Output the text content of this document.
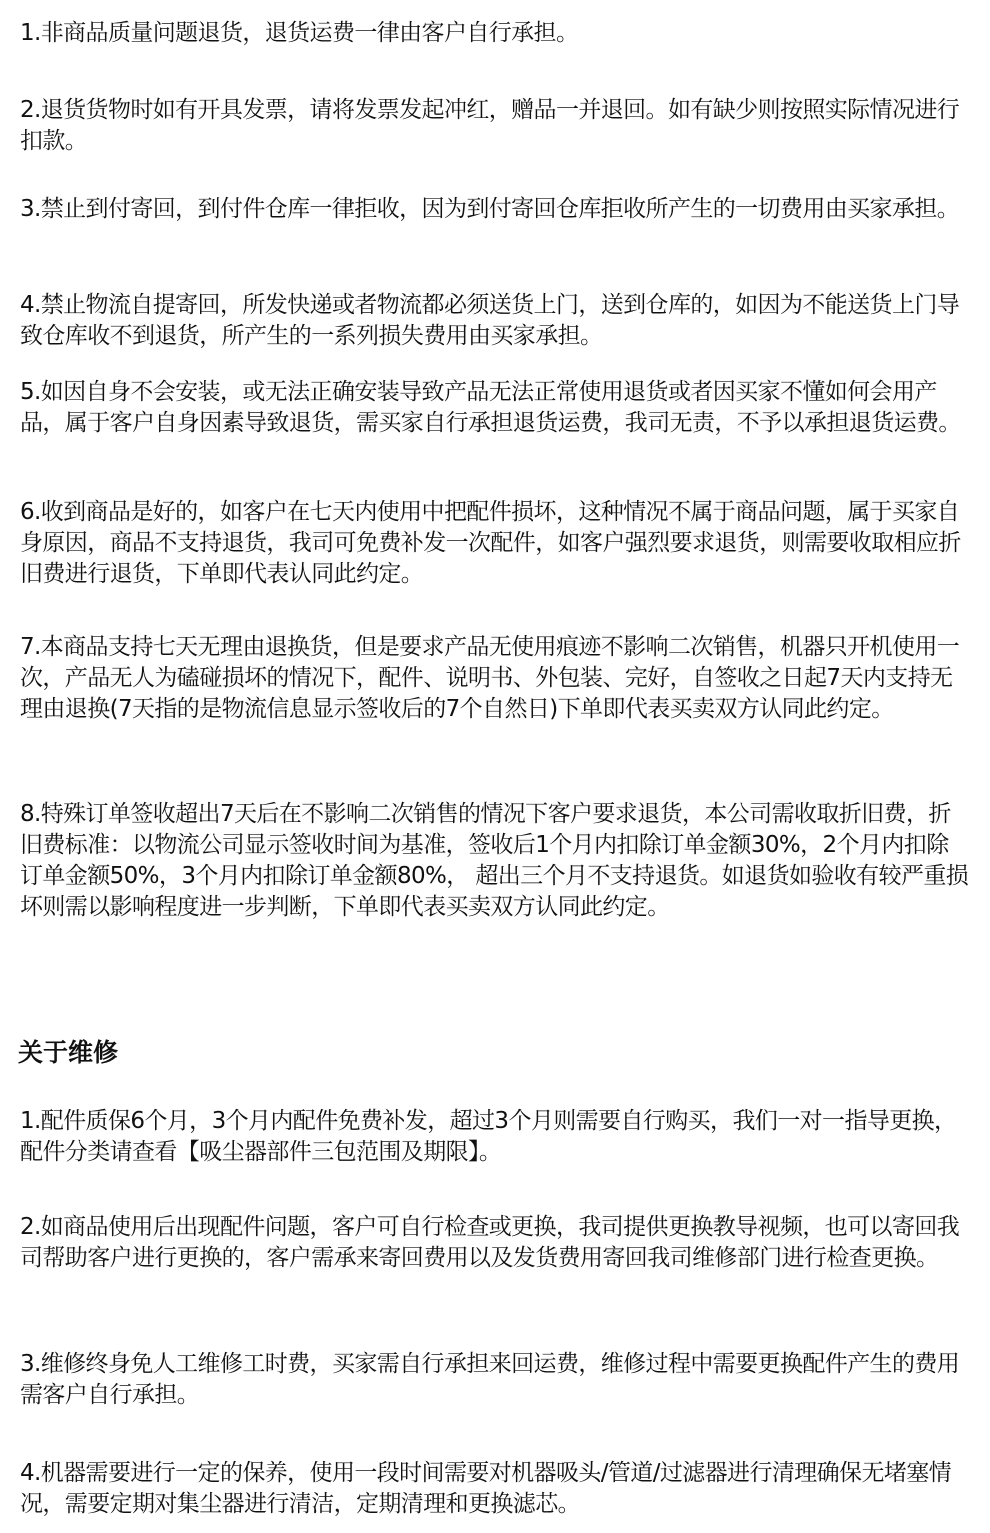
1.非商品质量问题退货，退货运费一律由客户自行承担。

2.退货货物时如有开具发票，请将发票发起冲红，赠品一并退回。如有缺少则按照实际情况进行扣款。

3.禁止到付寄回，到付件仓库一律拒收，因为到付寄回仓库拒收所产生的一切费用由买家承担。

4.禁止物流自提寄回，所发快递或者物流都必须送货上门，送到仓库的，如因为不能送货上门导致仓库收不到退货，所产生的一系列损失费用由买家承担。

5.如因自身不会安装，或无法正确安装导致产品无法正常使用退货或者因买家不懂如何会用产品，属于客户自身因素导致退货，需买家自行承担退货运费，我司无责，不予以承担退货运费。

6.收到商品是好的，如客户在七天内使用中把配件损坏，这种情况不属于商品问题，属于买家自身原因，商品不支持退货，我司可免费补发一次配件，如客户强烈要求退货，则需要收取相应折旧费进行退货，下单即代表认同此约定。

7.本商品支持七天无理由退换货，但是要求产品无使用痕迹不影响二次销售，机器只开机使用一次，产品无人为磕碰损坏的情况下，配件、说明书、外包装、完好，自签收之日起7天内支持无理由退换(7天指的是物流信息显示签收后的7个自然日)下单即代表买卖双方认同此约定。

8.特殊订单签收超出7天后在不影响二次销售的情况下客户要求退货，本公司需收取折旧费，折旧费标准：以物流公司显示签收时间为基准，签收后1个月内扣除订单金额30%，2个月内扣除订单金额50%，3个月内扣除订单金额80%， 超出三个月不支持退货。如退货如验收有较严重损坏则需以影响程度进一步判断，下单即代表买卖双方认同此约定。

关于维修

1.配件质保6个月，3个月内配件免费补发，超过3个月则需要自行购买，我们一对一指导更换，配件分类请查看【吸尘器部件三包范围及期限】。

2.如商品使用后出现配件问题，客户可自行检查或更换，我司提供更换教导视频，也可以寄回我司帮助客户进行更换的，客户需承来寄回费用以及发货费用寄回我司维修部门进行检查更换。

3.维修终身免人工维修工时费，买家需自行承担来回运费，维修过程中需要更换配件产生的费用需客户自行承担。

4.机器需要进行一定的保养，使用一段时间需要对机器吸头/管道/过滤器进行清理确保无堵塞情况，需要定期对集尘器进行清洁，定期清理和更换滤芯。
